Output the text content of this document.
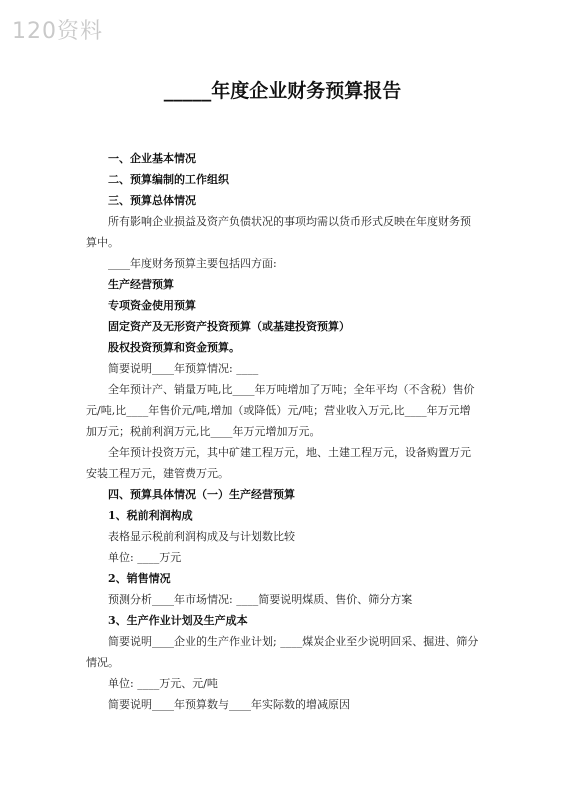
120资料
_____年度企业财务预算报告

一、企业基本情况

二、预算编制的工作组织

三、预算总体情况

所有影响企业损益及资产负债状况的事项均需以货币形式反映在年度财务预算中。

____年度财务预算主要包括四方面:

生产经营预算

专项资金使用预算

固定资产及无形资产投资预算（或基建投资预算）

股权投资预算和资金预算。

简要说明____年预算情况: ____

全年预计产、销量万吨,比____年万吨增加了万吨；全年平均（不含税）售价元/吨,比____年售价元/吨,增加（或降低）元/吨；营业收入万元,比____年万元增加万元；税前利润万元,比____年万元增加万元。

全年预计投资万元，其中矿建工程万元，地、土建工程万元，设备购置万元安装工程万元，建管费万元。

四、预算具体情况（一）生产经营预算

1、税前利润构成

表格显示税前利润构成及与计划数比较

单位: ____万元

2、销售情况

预测分析____年市场情况: ____简要说明煤质、售价、筛分方案

3、生产作业计划及生产成本

简要说明____企业的生产作业计划; ____煤炭企业至少说明回采、掘进、筛分情况。

单位: ____万元、元/吨

简要说明____年预算数与____年实际数的增减原因
